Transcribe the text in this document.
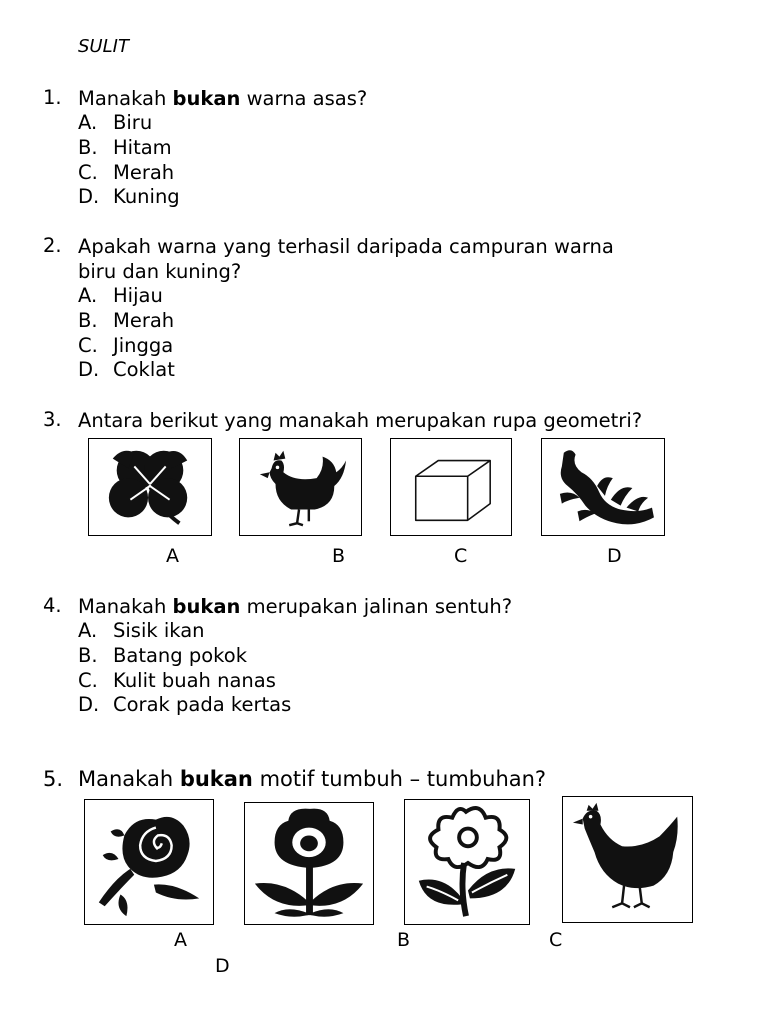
SULIT
1. Manakah bukan warna asas?
A. Biru
B. Hitam
C. Merah
D. Kuning
2. Apakah warna yang terhasil daripada campuran warna
biru dan kuning?
A. Hijau
B. Merah
C. Jingga
D. Coklat
3. Antara berikut yang manakah merupakan rupa geometri?
A	B	C	D
4. Manakah bukan merupakan jalinan sentuh?
A. Sisik ikan
B. Batang pokok
C. Kulit buah nanas
D. Corak pada kertas
5. Manakah bukan motif tumbuh – tumbuhan?
A
D
B	C
